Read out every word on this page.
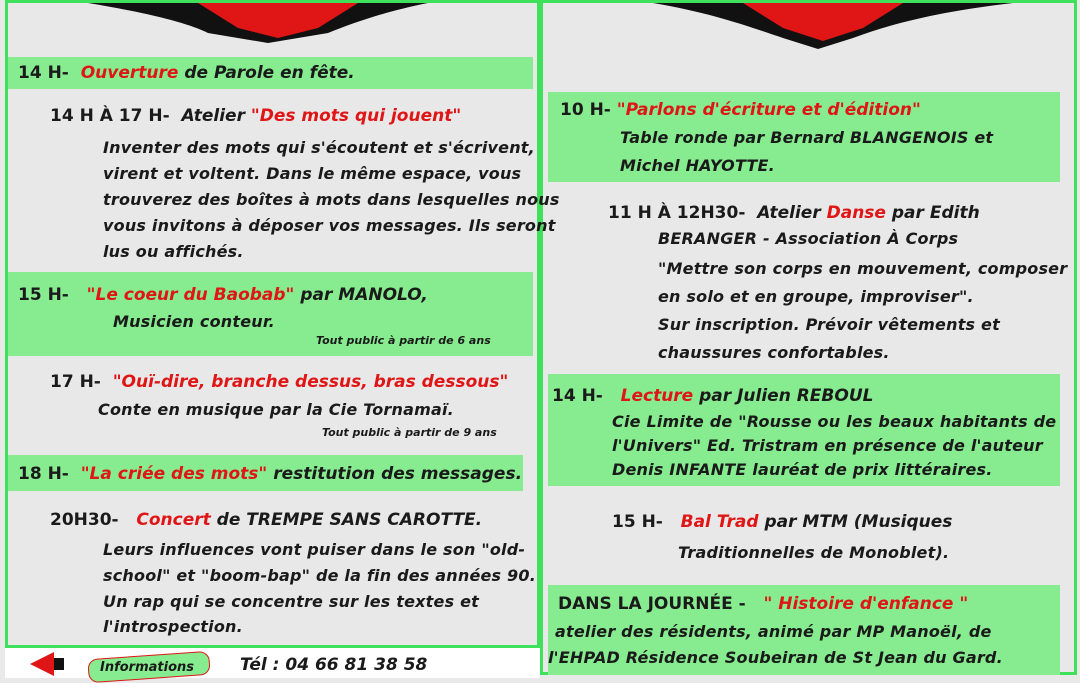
14 H- Ouverture de Parole en fête.
14 H À 17 H- Atelier "Des mots qui jouent"
Inventer des mots qui s'écoutent et s'écrivent,
virent et voltent. Dans le même espace, vous
trouverez des boîtes à mots dans lesquelles nous
vous invitons à déposer vos messages. Ils seront
lus ou affichés.
15 H- "Le coeur du Baobab" par MANOLO,
Musicien conteur.
Tout public à partir de 6 ans
17 H- "Ouï-dire, branche dessus, bras dessous"
Conte en musique par la Cie Tornamaï.
Tout public à partir de 9 ans
18 H- "La criée des mots" restitution des messages.
20H30- Concert de TREMPE SANS CAROTTE.
Leurs influences vont puiser dans le son "old-
school" et "boom-bap" de la fin des années 90.
Un rap qui se concentre sur les textes et
l'introspection.
Informations	Tél : 04 66 81 38 58
10 H- "Parlons d'écriture et d'édition"
Table ronde par Bernard BLANGENOIS et
Michel HAYOTTE.
11 H À 12H30- Atelier Danse par Edith
BERANGER - Association À Corps
"Mettre son corps en mouvement, composer
en solo et en groupe, improviser".
Sur inscription. Prévoir vêtements et
chaussures confortables.
14 H- Lecture par Julien REBOUL
Cie Limite de "Rousse ou les beaux habitants de
l'Univers" Ed. Tristram en présence de l'auteur
Denis INFANTE lauréat de prix littéraires.
15 H- Bal Trad par MTM (Musiques
Traditionnelles de Monoblet).
DANS LA JOURNÉE - " Histoire d'enfance "
atelier des résidents, animé par MP Manoël, de
l'EHPAD Résidence Soubeiran de St Jean du Gard.
